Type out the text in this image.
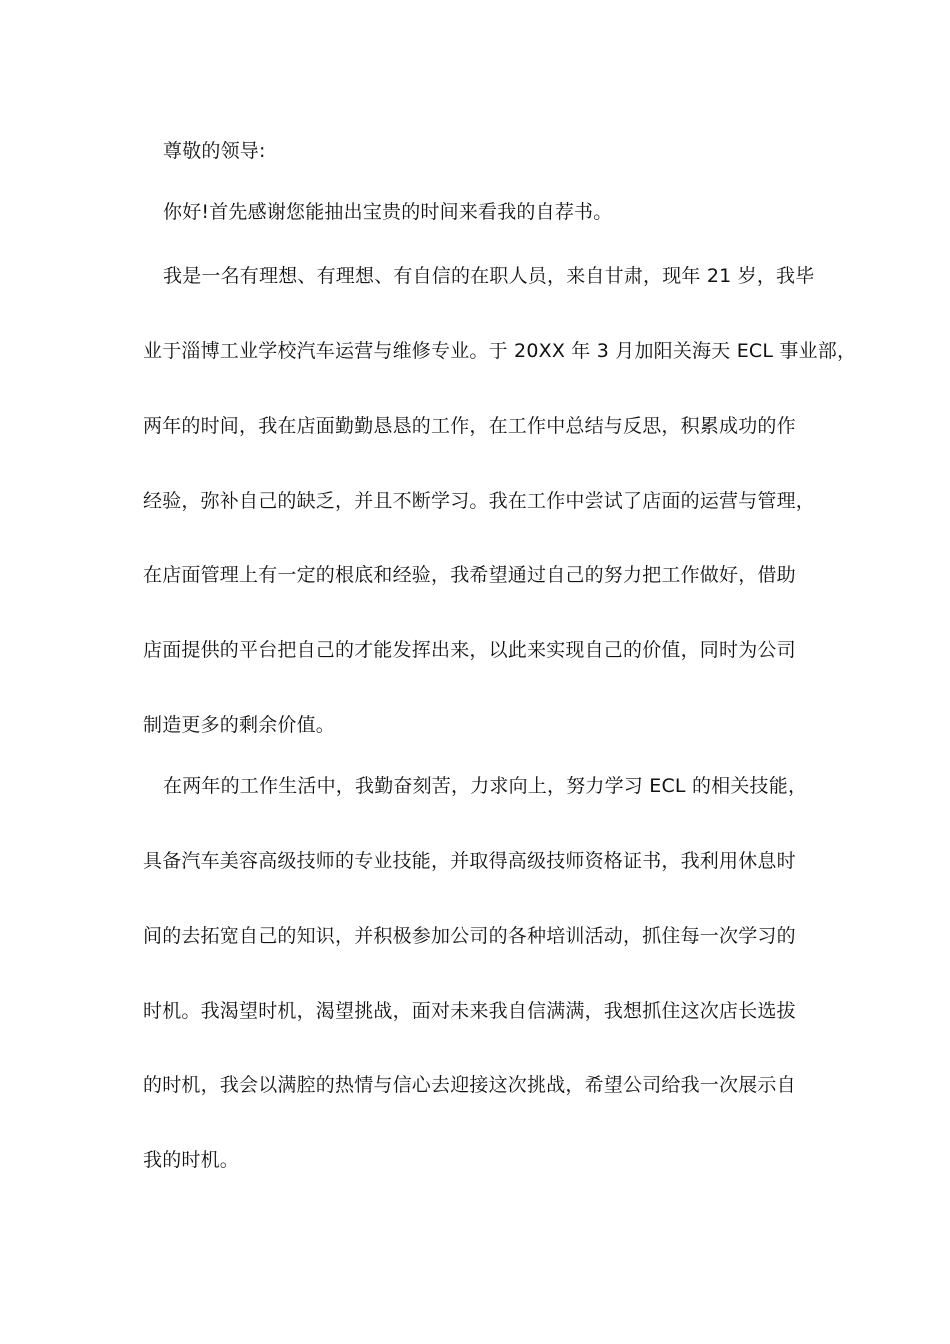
尊敬的领导:
你好!首先感谢您能抽出宝贵的时间来看我的自荐书。
我是一名有理想、有理想、有自信的在职人员，来自甘肃，现年 21 岁，我毕
业于淄博工业学校汽车运营与维修专业。于 20XX 年 3 月加阳关海天 ECL 事业部，
两年的时间，我在店面勤勤恳恳的工作，在工作中总结与反思，积累成功的作
经验，弥补自己的缺乏，并且不断学习。我在工作中尝试了店面的运营与管理，
在店面管理上有一定的根底和经验，我希望通过自己的努力把工作做好，借助
店面提供的平台把自己的才能发挥出来，以此来实现自己的价值，同时为公司
制造更多的剩余价值。
在两年的工作生活中，我勤奋刻苦，力求向上，努力学习 ECL 的相关技能，
具备汽车美容高级技师的专业技能，并取得高级技师资格证书，我利用休息时
间的去拓宽自己的知识，并积极参加公司的各种培训活动，抓住每一次学习的
时机。我渴望时机，渴望挑战，面对未来我自信满满，我想抓住这次店长选拔
的时机，我会以满腔的热情与信心去迎接这次挑战，希望公司给我一次展示自
我的时机。
